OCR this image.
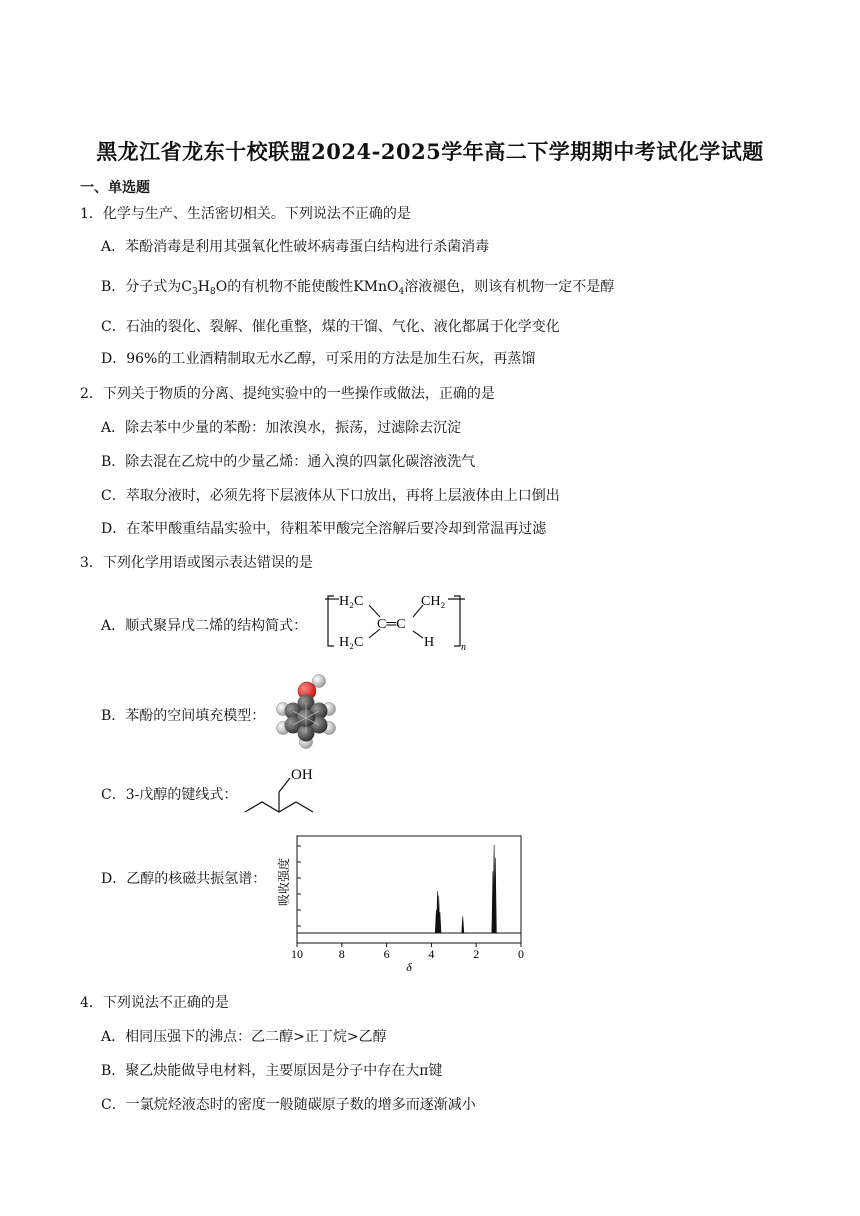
黑龙江省龙东十校联盟2024-2025学年高二下学期期中考试化学试题
一、单选题
1．化学与生产、生活密切相关。下列说法不正确的是
A．苯酚消毒是利用其强氧化性破坏病毒蛋白结构进行杀菌消毒
B．分子式为$C_3H_8O$的有机物不能使酸性KMnO$_4$溶液褪色，则该有机物一定不是醇
C．石油的裂化、裂解、催化重整，煤的干馏、气化、液化都属于化学变化
D．96%的工业酒精制取无水乙醇，可采用的方法是加生石灰，再蒸馏
2．下列关于物质的分离、提纯实验中的一些操作或做法，正确的是
A．除去苯中少量的苯酚：加浓溴水，振荡，过滤除去沉淀
B．除去混在乙烷中的少量乙烯：通入溴的四氯化碳溶液洗气
C．萃取分液时，必须先将下层液体从下口放出，再将上层液体由上口倒出
D．在苯甲酸重结晶实验中，待粗苯甲酸完全溶解后要冷却到常温再过滤
3．下列化学用语或图示表达错误的是
A．顺式聚异戊二烯的结构简式：
H₂C	CH₂
C═C
H₂C	H	n
B．苯酚的空间填充模型：
C．3-戊醇的键线式：
OH
D．乙醇的核磁共振氢谱： 吸收强度
10	8	6	4	2	0
δ
4．下列说法不正确的是
A．相同压强下的沸点：乙二醇>正丁烷>乙醇
B．聚乙炔能做导电材料，主要原因是分子中存在大π键
C．一氯烷烃液态时的密度一般随碳原子数的增多而逐渐减小
